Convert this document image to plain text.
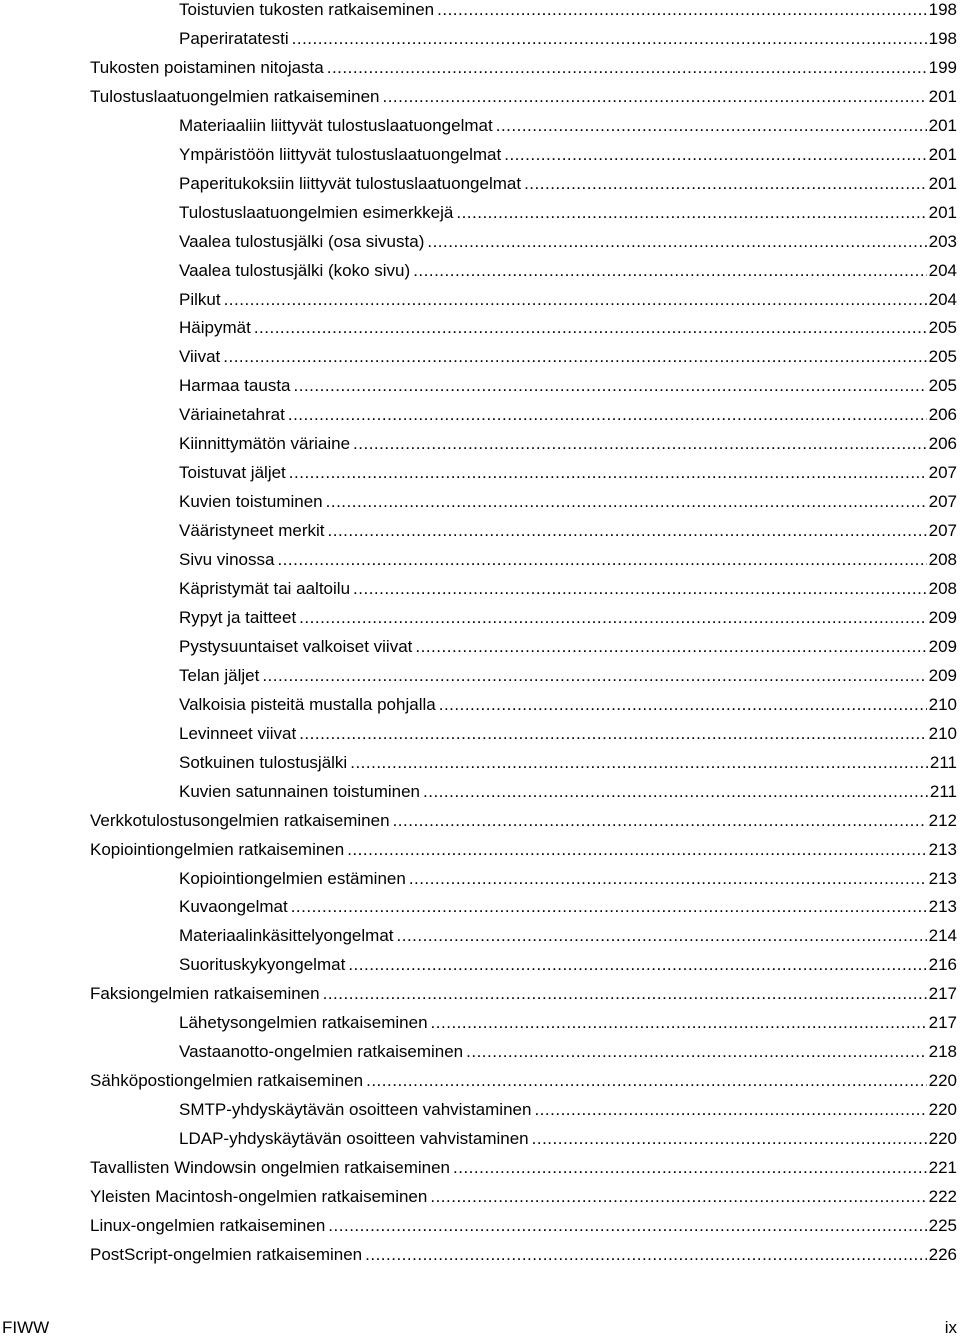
Toistuvien tukosten ratkaiseminen .....	198
Paperiratatesti .....	198
Tukosten poistaminen nitojasta .....	199
Tulostuslaatuongelmien ratkaiseminen .....	201
Materiaaliin liittyvät tulostuslaatuongelmat .....	201
Ympäristöön liittyvät tulostuslaatuongelmat .....	201
Paperitukoksiin liittyvät tulostuslaatuongelmat .....	201
Tulostuslaatuongelmien esimerkkejä .....	201
Vaalea tulostusjälki (osa sivusta) .....	203
Vaalea tulostusjälki (koko sivu) .....	204
Pilkut .....	204
Häipymät .....	205
Viivat .....	205
Harmaa tausta .....	205
Väriainetahrat .....	206
Kiinnittymätön väriaine .....	206
Toistuvat jäljet .....	207
Kuvien toistuminen .....	207
Vääristyneet merkit .....	207
Sivu vinossa .....	208
Käpristymät tai aaltoilu .....	208
Rypyt ja taitteet .....	209
Pystysuuntaiset valkoiset viivat .....	209
Telan jäljet .....	209
Valkoisia pisteitä mustalla pohjalla .....	210
Levinneet viivat .....	210
Sotkuinen tulostusjälki .....	211
Kuvien satunnainen toistuminen .....	211
Verkkotulostusongelmien ratkaiseminen .....	212
Kopiointiongelmien ratkaiseminen .....	213
Kopiointiongelmien estäminen .....	213
Kuvaongelmat .....	213
Materiaalinkäsittelyongelmat .....	214
Suorituskykyongelmat .....	216
Faksiongelmien ratkaiseminen .....	217
Lähetysongelmien ratkaiseminen .....	217
Vastaanotto-ongelmien ratkaiseminen .....	218
Sähköpostiongelmien ratkaiseminen .....	220
SMTP-yhdyskäytävän osoitteen vahvistaminen .....	220
LDAP-yhdyskäytävän osoitteen vahvistaminen .....	220
Tavallisten Windowsin ongelmien ratkaiseminen .....	221
Yleisten Macintosh-ongelmien ratkaiseminen .....	222
Linux-ongelmien ratkaiseminen .....	225
PostScript-ongelmien ratkaiseminen .....	226
FIWW	ix
